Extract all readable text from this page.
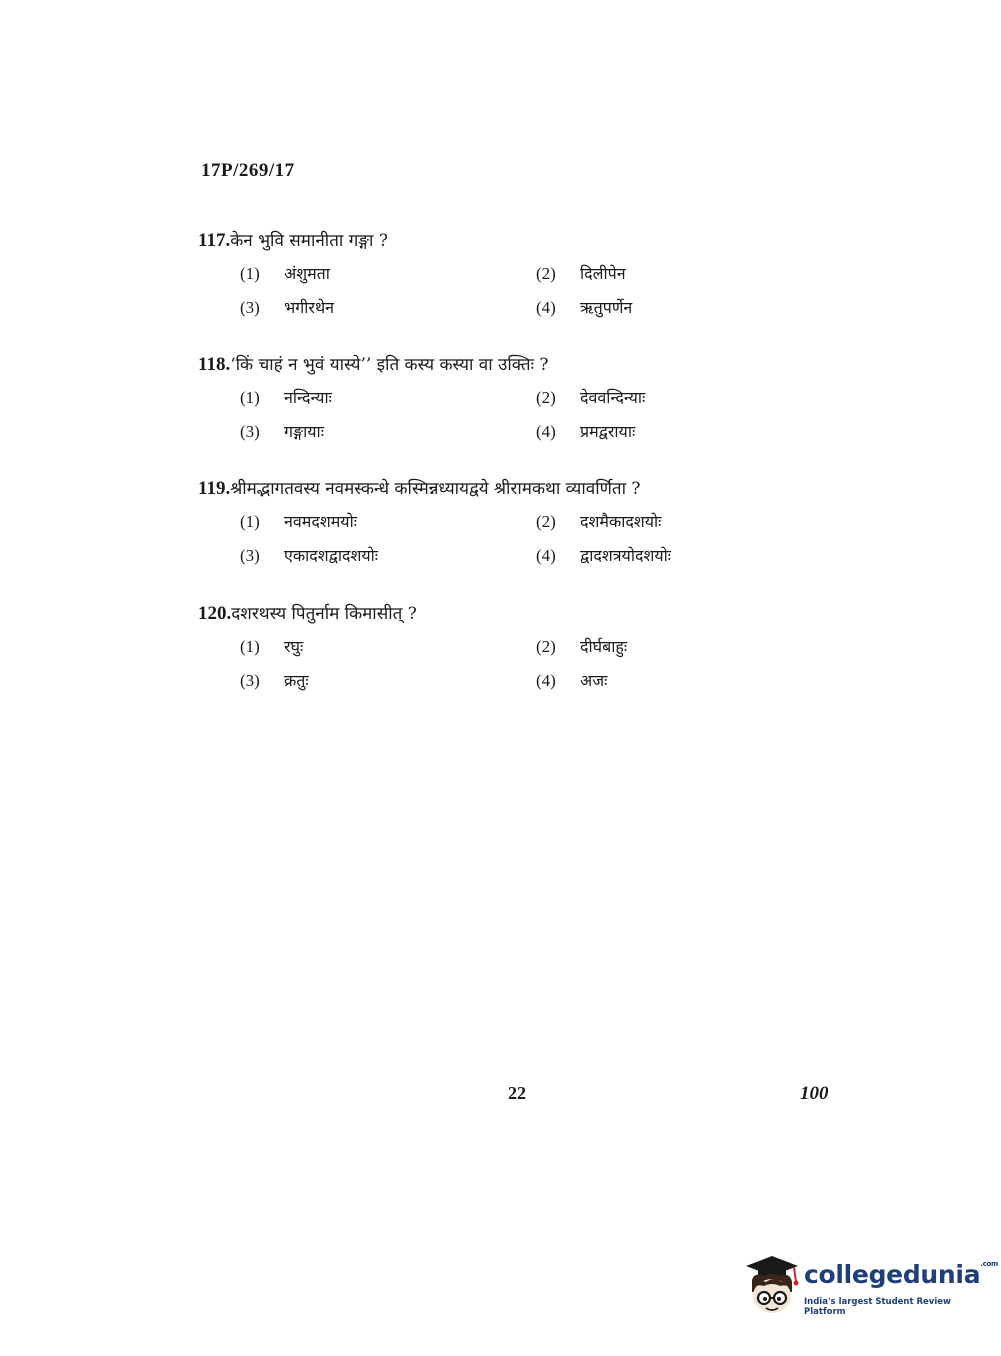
17P/269/17
117.केन भुवि समानीता गङ्गा ?
(1) अंशुमता	(2) दिलीपेन
(3) भगीरथेन	(4) ऋतुपर्णेन
118.‘किं चाहं न भुवं यास्ये’’ इति कस्य कस्या वा उक्तिः ?
(1) नन्दिन्याः	(2) देववन्दिन्याः
(3) गङ्गायाः	(4) प्रमद्वरायाः
119.श्रीमद्भागतवस्य नवमस्कन्धे कस्मिन्नध्यायद्वये श्रीरामकथा व्यावर्णिता ?
(1) नवमदशमयोः	(2) दशमैकादशयोः
(3) एकादशद्वादशयोः	(4) द्वादशत्रयोदशयोः
120.दशरथस्य पितुर्नाम किमासीत् ?
(1) रघुः	(2) दीर्घबाहुः
(3) क्रतुः	(4) अजः
22	100
collegedunia$^{.com}$
India's largest Student Review Platform
